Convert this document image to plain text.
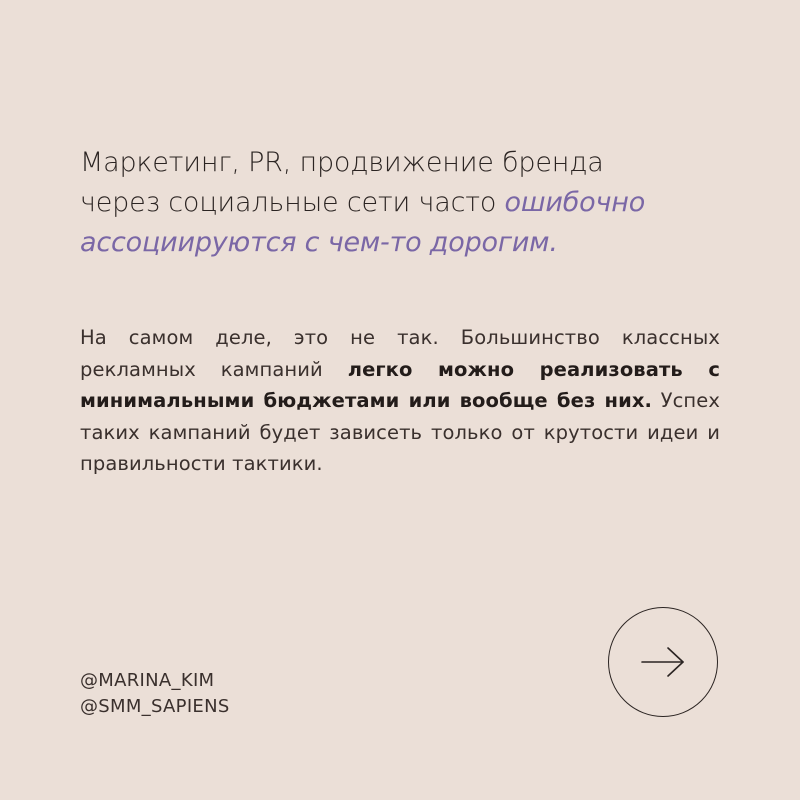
Маркетинг, PR, продвижение бренда
через социальные сети часто ошибочно
ассоциируются с чем-то дорогим.

На самом деле, это не так. Большинство классных рекламных кампаний легко можно реализовать с минимальными бюджетами или вообще без них. Успех таких кампаний будет зависеть только от крутости идеи и правильности тактики.

@MARINA_KIM
@SMM_SAPIENS
